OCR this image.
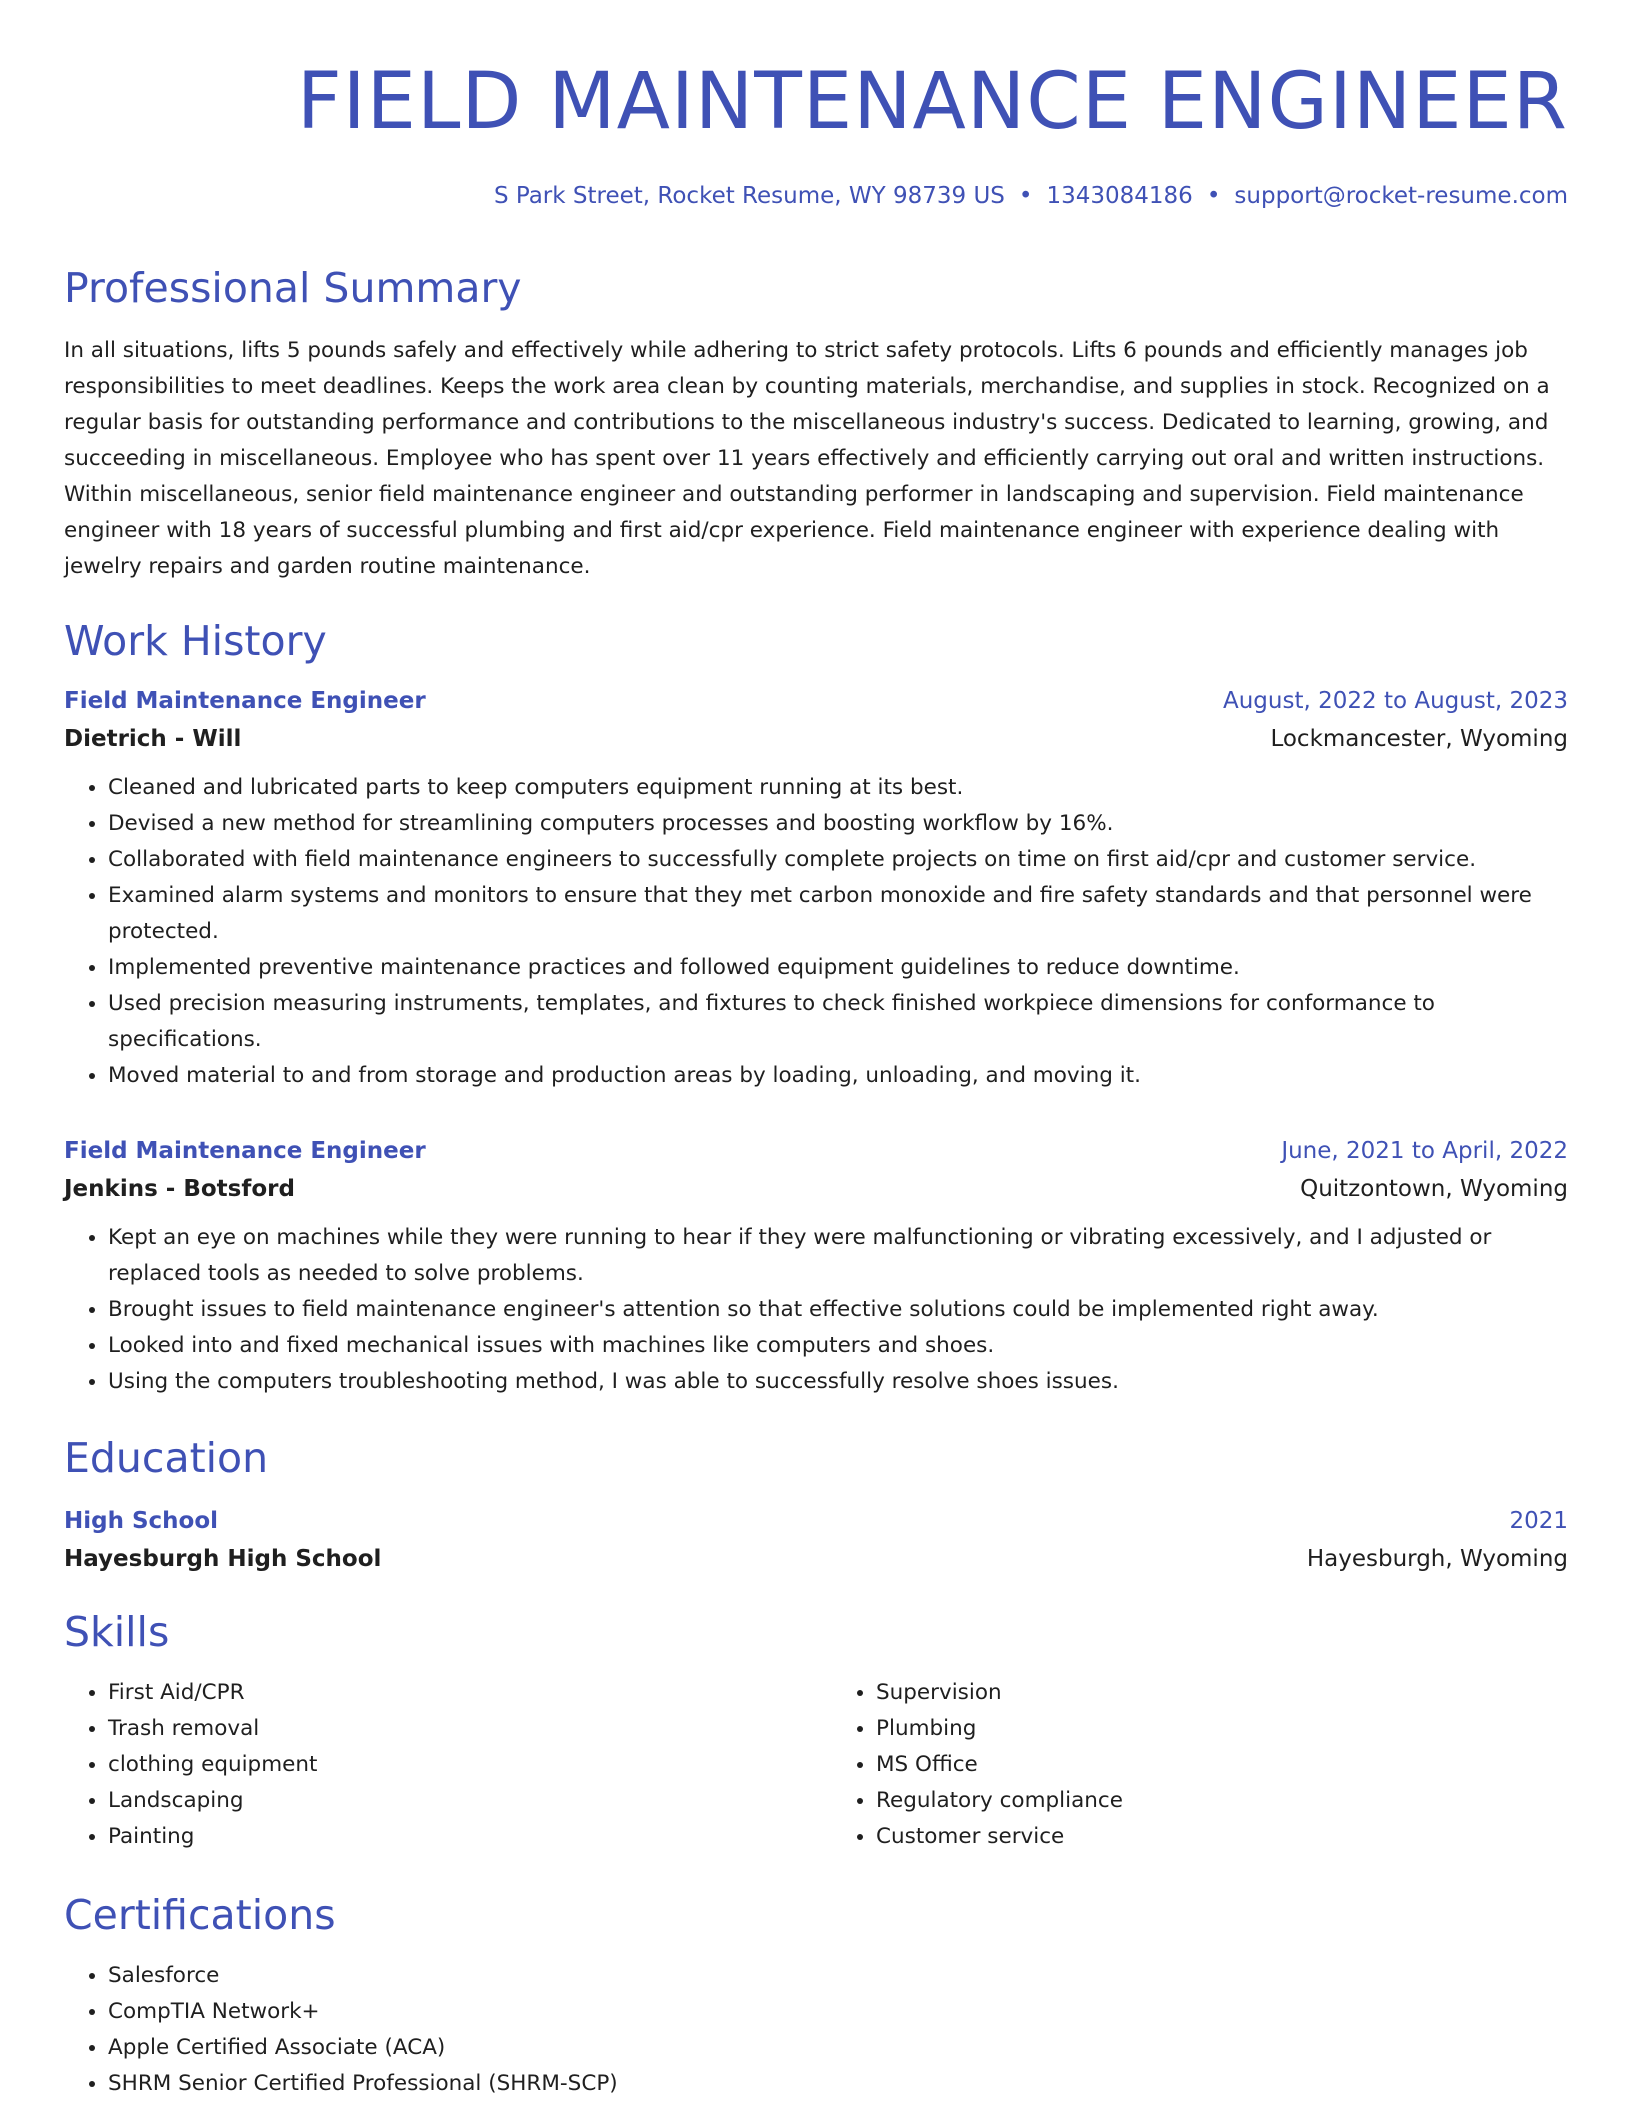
FIELD MAINTENANCE ENGINEER
S Park Street, Rocket Resume, WY 98739 US • 1343084186 • support@rocket-resume.com
Professional Summary
In all situations, lifts 5 pounds safely and effectively while adhering to strict safety protocols. Lifts 6 pounds and efficiently manages job responsibilities to meet deadlines. Keeps the work area clean by counting materials, merchandise, and supplies in stock. Recognized on a regular basis for outstanding performance and contributions to the miscellaneous industry's success. Dedicated to learning, growing, and succeeding in miscellaneous. Employee who has spent over 11 years effectively and efficiently carrying out oral and written instructions. Within miscellaneous, senior field maintenance engineer and outstanding performer in landscaping and supervision. Field maintenance engineer with 18 years of successful plumbing and first aid/cpr experience. Field maintenance engineer with experience dealing with jewelry repairs and garden routine maintenance.
Work History
Field Maintenance Engineer	August, 2022 to August, 2023
Dietrich - Will	Lockmancester, Wyoming
• Cleaned and lubricated parts to keep computers equipment running at its best.
• Devised a new method for streamlining computers processes and boosting workflow by 16%.
• Collaborated with field maintenance engineers to successfully complete projects on time on first aid/cpr and customer service.
• Examined alarm systems and monitors to ensure that they met carbon monoxide and fire safety standards and that personnel were protected.
• Implemented preventive maintenance practices and followed equipment guidelines to reduce downtime.
• Used precision measuring instruments, templates, and fixtures to check finished workpiece dimensions for conformance to specifications.
• Moved material to and from storage and production areas by loading, unloading, and moving it.
Field Maintenance Engineer	June, 2021 to April, 2022
Jenkins - Botsford	Quitzontown, Wyoming
• Kept an eye on machines while they were running to hear if they were malfunctioning or vibrating excessively, and I adjusted or replaced tools as needed to solve problems.
• Brought issues to field maintenance engineer's attention so that effective solutions could be implemented right away.
• Looked into and fixed mechanical issues with machines like computers and shoes.
• Using the computers troubleshooting method, I was able to successfully resolve shoes issues.
Education
High School	2021
Hayesburgh High School	Hayesburgh, Wyoming
Skills
• First Aid/CPR
• Trash removal
• clothing equipment
• Landscaping
• Painting
• Supervision
• Plumbing
• MS Office
• Regulatory compliance
• Customer service
Certifications
• Salesforce
• CompTIA Network+
• Apple Certified Associate (ACA)
• SHRM Senior Certified Professional (SHRM-SCP)
